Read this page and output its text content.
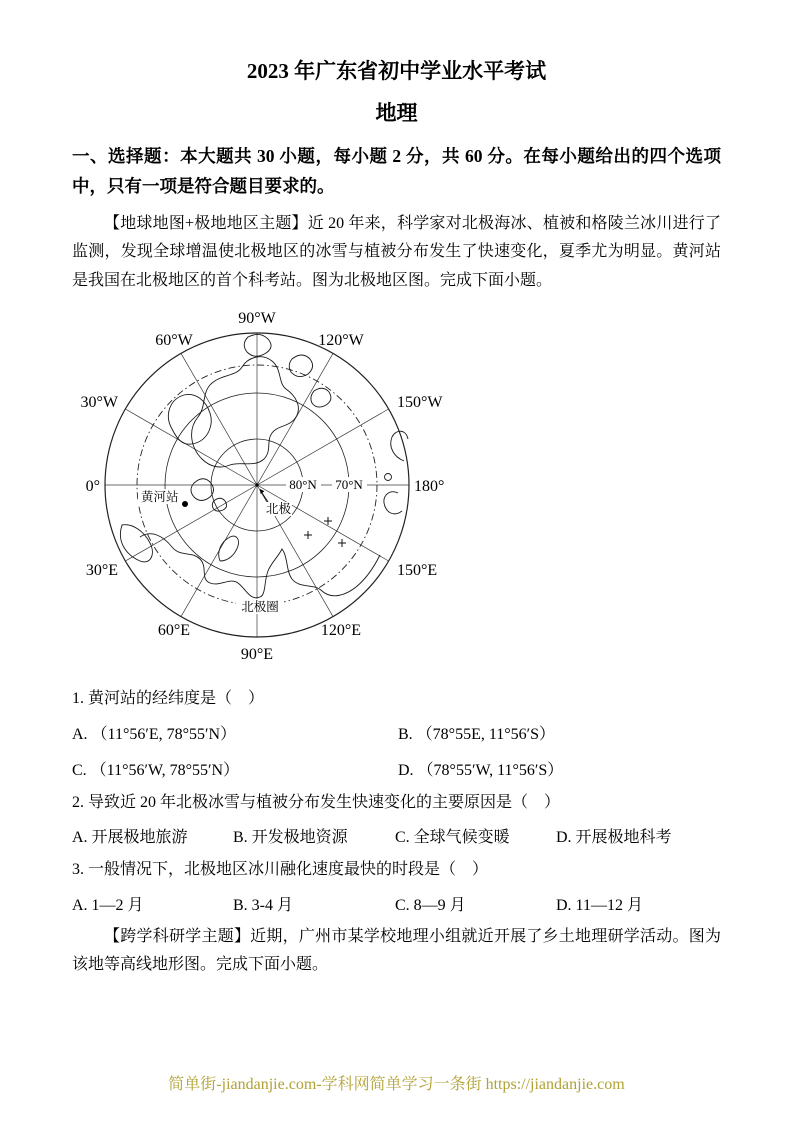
2023 年广东省初中学业水平考试
地理

一、选择题：本大题共 30 小题，每小题 2 分，共 60 分。在每小题给出的四个选项中，只有一项是符合题目要求的。

【地球地图+极地地区主题】近 20 年来，科学家对北极海冰、植被和格陵兰冰川进行了监测，发现全球增温使北极地区的冰雪与植被分布发生了快速变化，夏季尤为明显。黄河站是我国在北极地区的首个科考站。图为北极地区图。完成下面小题。

90°W
60°W	120°W
30°W	150°W
0°	180°
30°E	150°E
60°E	120°E
90°E
80°N 70°N
黄河站
北极
北极圈

1. 黄河站的经纬度是（　）

A. （11°56′E, 78°55′N）	B. （78°55E, 11°56′S）
C. （11°56′W, 78°55′N）	D. （78°55′W, 11°56′S）

2. 导致近 20 年北极冰雪与植被分布发生快速变化的主要原因是（　）

A. 开展极地旅游	B. 开发极地资源	C. 全球气候变暖	D. 开展极地科考

3. 一般情况下，北极地区冰川融化速度最快的时段是（　）

A. 1—2 月	B. 3-4 月	C. 8—9 月	D. 11—12 月

【跨学科研学主题】近期，广州市某学校地理小组就近开展了乡土地理研学活动。图为该地等高线地形图。完成下面小题。

简单街-jiandanjie.com-学科网简单学习一条街 https://jiandanjie.com
